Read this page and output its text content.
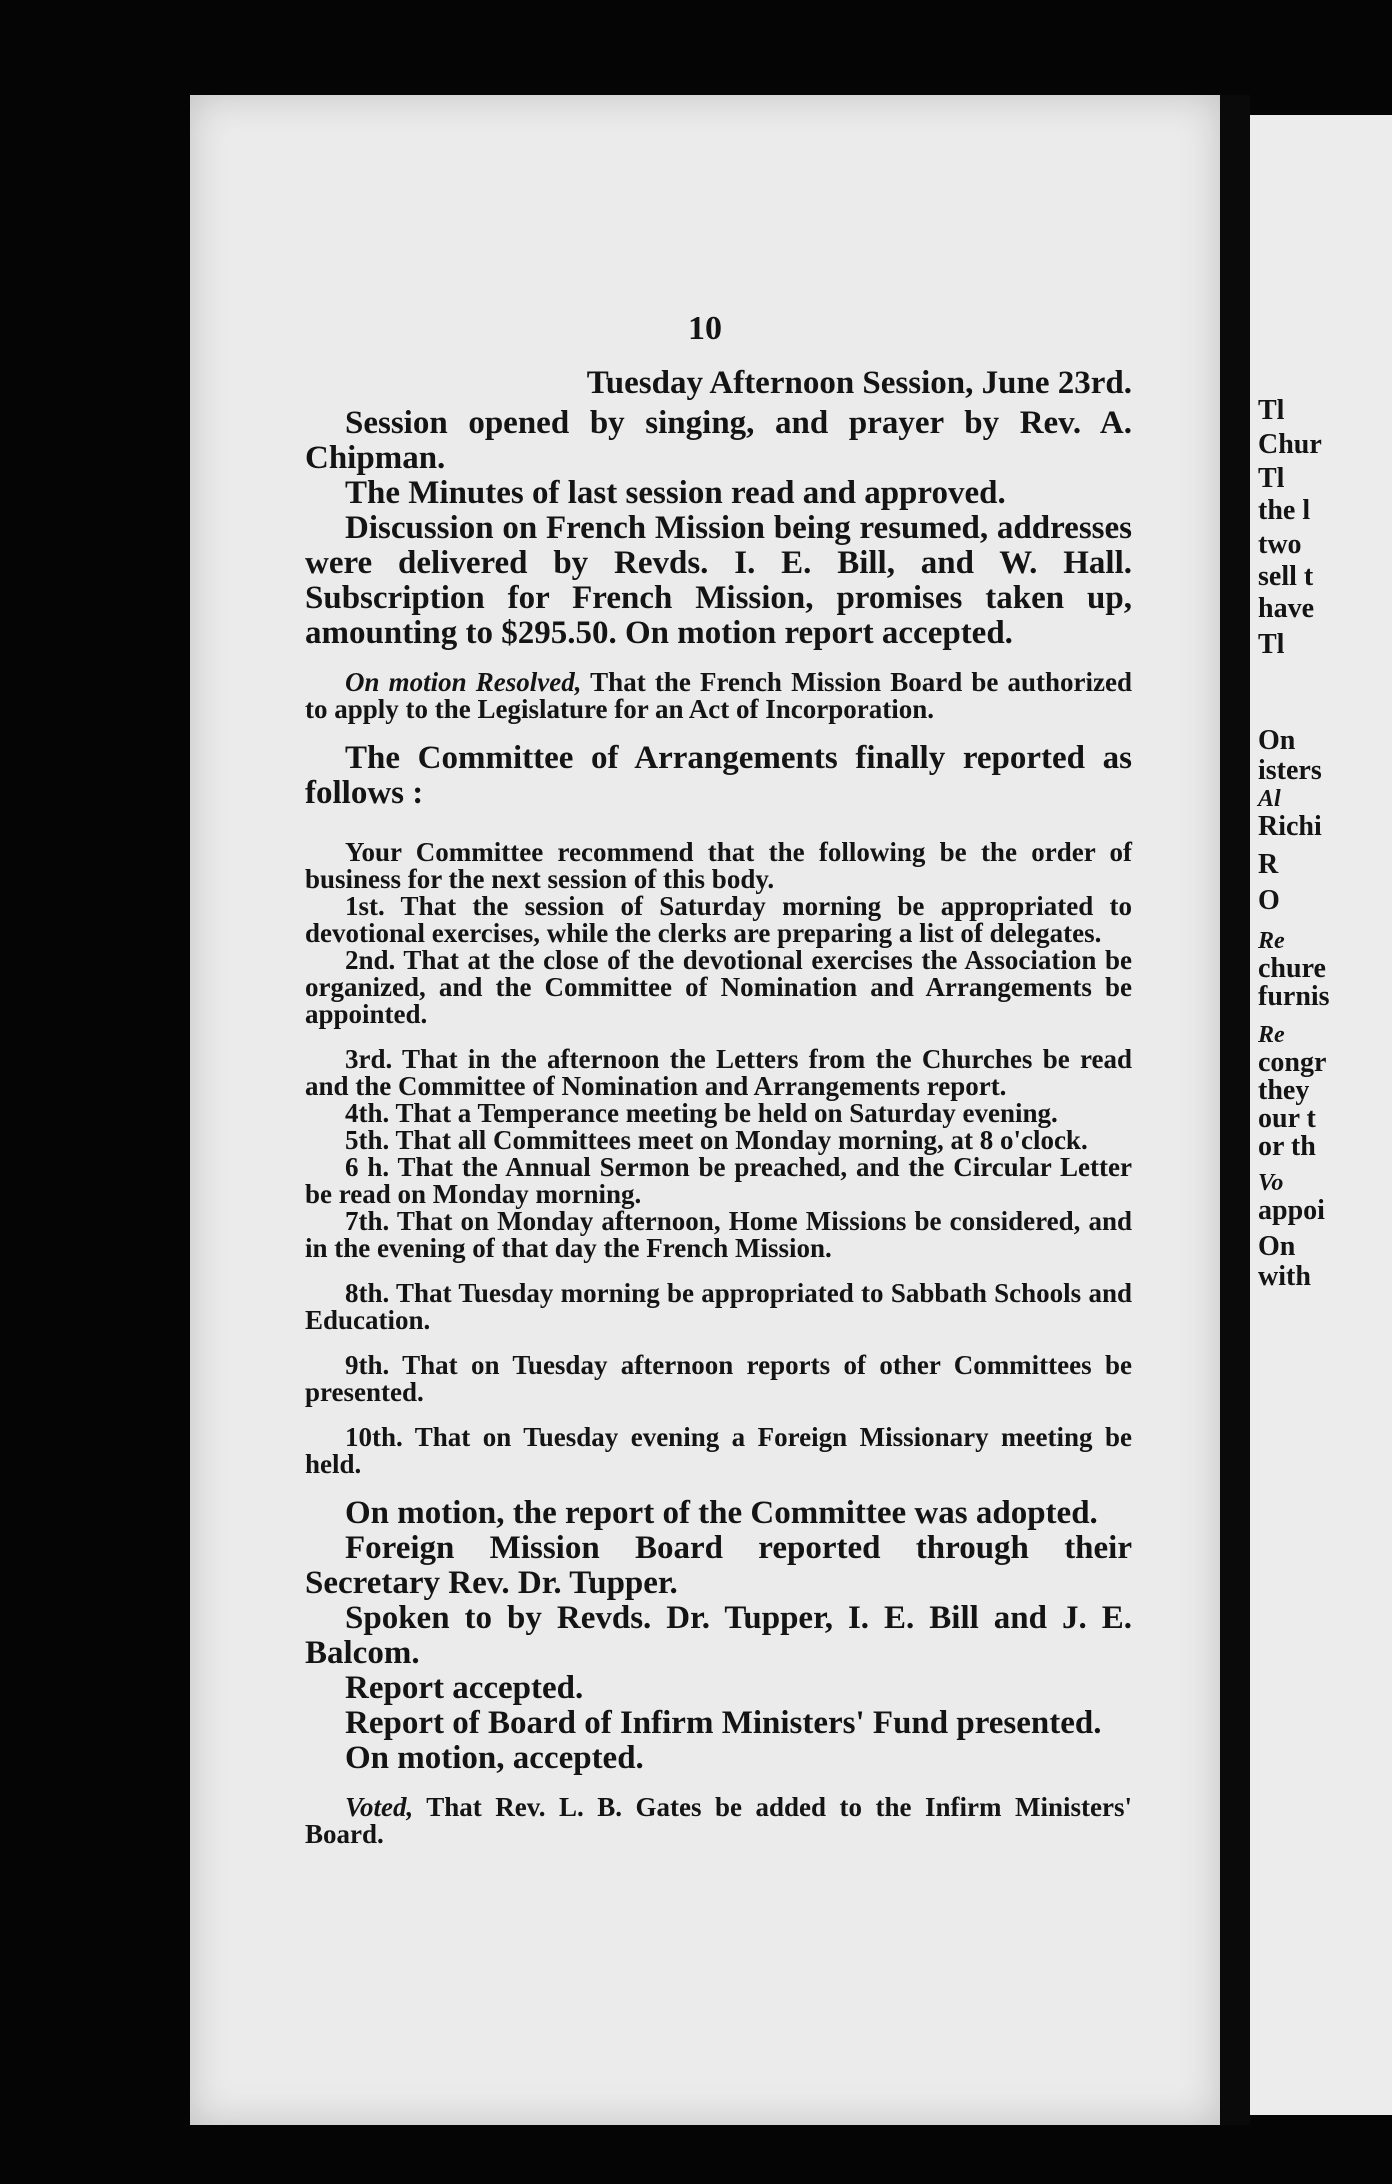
10
Tuesday Afternoon Session, June 23rd.

Session opened by singing, and prayer by Rev. A. Chipman.

The Minutes of last session read and approved.

Discussion on French Mission being resumed, addresses were delivered by Revds. I. E. Bill, and W. Hall. Subscription for French Mission, promises taken up, amounting to $295.50. On motion report accepted.

On motion Resolved, That the French Mission Board be authorized to apply to the Legislature for an Act of Incorporation.

The Committee of Arrangements finally reported as follows :

Your Committee recommend that the following be the order of business for the next session of this body.

1st. That the session of Saturday morning be appropriated to devotional exercises, while the clerks are preparing a list of delegates.

2nd. That at the close of the devotional exercises the Association be organized, and the Committee of Nomination and Arrangements be appointed.

3rd. That in the afternoon the Letters from the Churches be read and the Committee of Nomination and Arrangements report.

4th. That a Temperance meeting be held on Saturday evening.

5th. That all Committees meet on Monday morning, at 8 o'clock.

6 h. That the Annual Sermon be preached, and the Circular Letter be read on Monday morning.

7th. That on Monday afternoon, Home Missions be considered, and in the evening of that day the French Mission.

8th. That Tuesday morning be appropriated to Sabbath Schools and Education.

9th. That on Tuesday afternoon reports of other Committees be presented.

10th. That on Tuesday evening a Foreign Missionary meeting be held.

On motion, the report of the Committee was adopted.

Foreign Mission Board reported through their Secretary Rev. Dr. Tupper.

Spoken to by Revds. Dr. Tupper, I. E. Bill and J. E. Balcom.

Report accepted.

Report of Board of Infirm Ministers' Fund presented.

On motion, accepted.

Voted, That Rev. L. B. Gates be added to the Infirm Ministers' Board.

Tl
Chur
Tl
the l
two
sell t
have
Tl
On
isters
Al
Richi
R
O
Re
chure
furnis
Re
congr
they
our t
or th
Vo
appoi
On
with
